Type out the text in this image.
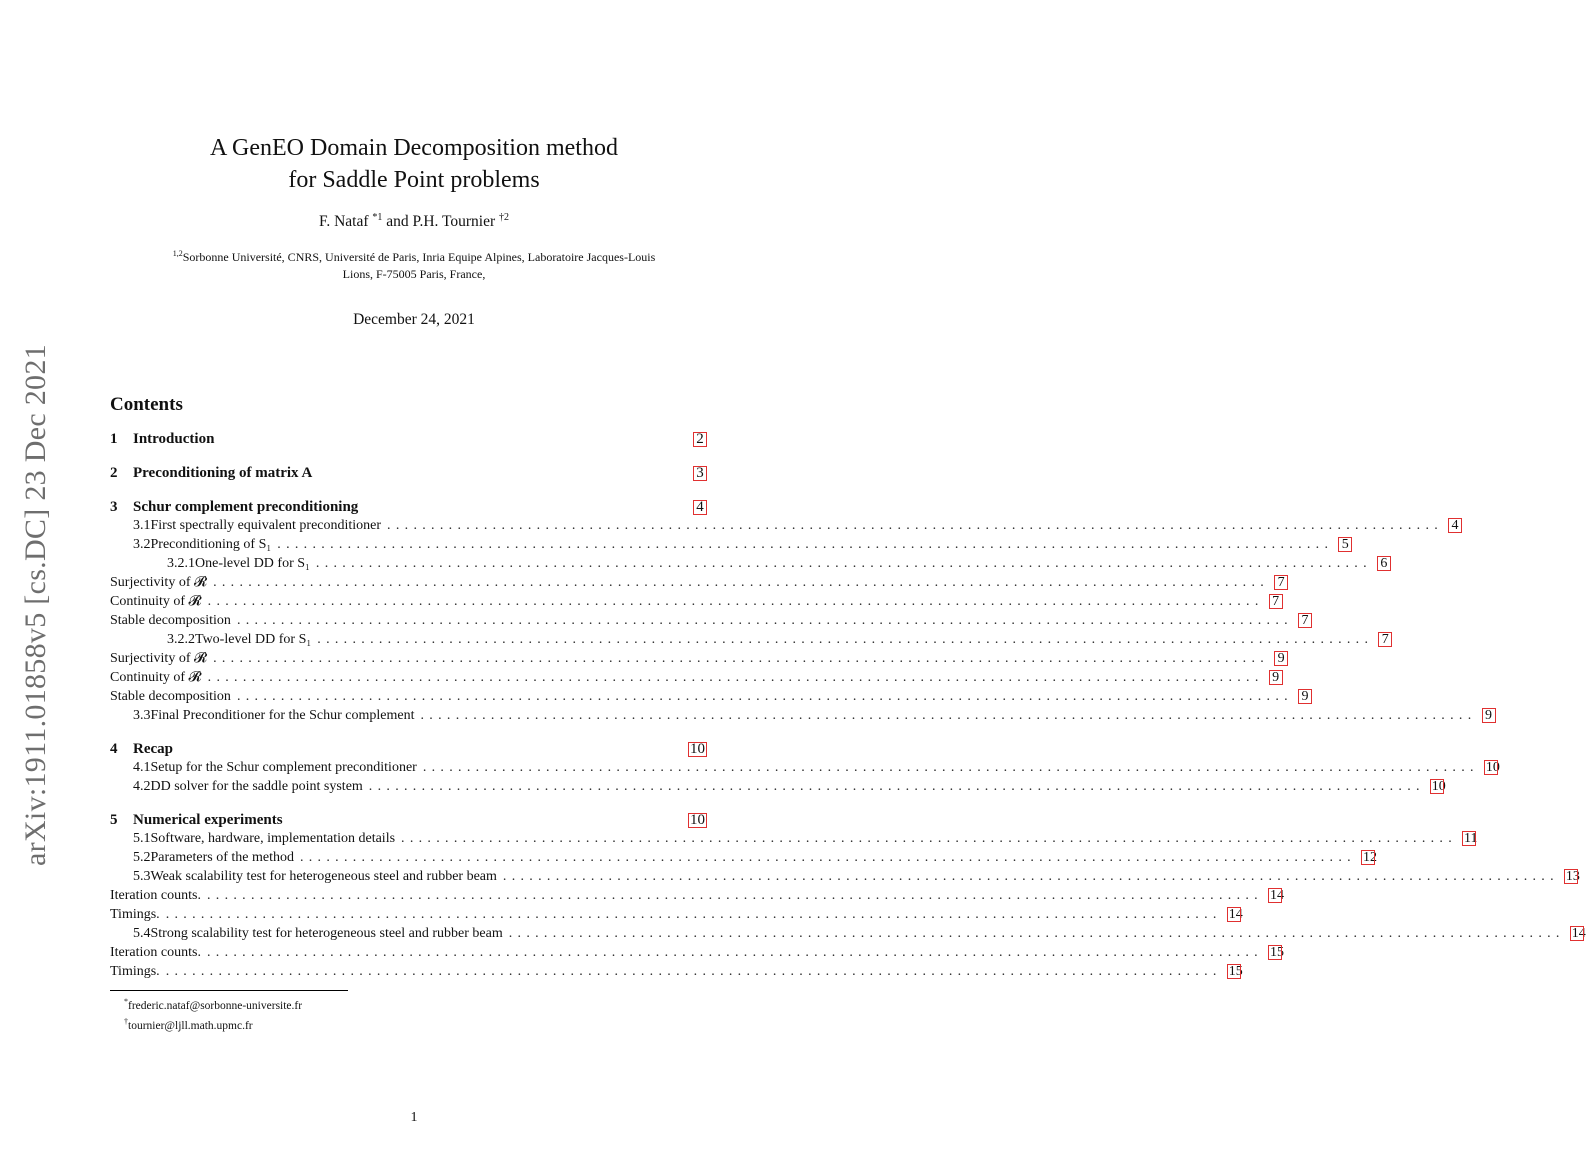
arXiv:1911.01858v5 [cs.DC] 23 Dec 2021
A GenEO Domain Decomposition method
for Saddle Point problems
F. Nataf $^{*1}$ and P.H. Tournier $^{\dagger 2}$
$^{1,2}$Sorbonne Université, CNRS, Université de Paris, Inria Equipe Alpines, Laboratoire Jacques-Louis
Lions, F-75005 Paris, France,
December 24, 2021
Contents
1	Introduction	2
2	Preconditioning of matrix A	3
3	Schur complement preconditioning	4
3.1 First spectrally equivalent preconditioner ........................................................................................................................ 4
3.2 Preconditioning of S₁ ........................................................................................................................ 5
3.2.1 One-level DD for S₁ ........................................................................................................................ 6
Surjectivity of 𝓡 ........................................................................................................................ 7
Continuity of 𝓡 ........................................................................................................................ 7
Stable decomposition ........................................................................................................................ 7
3.2.2 Two-level DD for S₁ ........................................................................................................................ 7
Surjectivity of 𝓡 ........................................................................................................................ 9
Continuity of 𝓡 ........................................................................................................................ 9
Stable decomposition ........................................................................................................................ 9
3.3 Final Preconditioner for the Schur complement ........................................................................................................................ 9
4	Recap	10
4.1 Setup for the Schur complement preconditioner ........................................................................................................................ 10
4.2 DD solver for the saddle point system ........................................................................................................................ 10
5	Numerical experiments	10
5.1 Software, hardware, implementation details ........................................................................................................................ 11
5.2 Parameters of the method ........................................................................................................................ 12
5.3 Weak scalability test for heterogeneous steel and rubber beam ........................................................................................................................ 13
Iteration counts. ........................................................................................................................ 14
Timings. ........................................................................................................................ 14
5.4 Strong scalability test for heterogeneous steel and rubber beam ........................................................................................................................ 14
Iteration counts. ........................................................................................................................ 15
Timings. ........................................................................................................................ 15
*frederic.nataf@sorbonne-universite.fr
†tournier@ljll.math.upmc.fr
1
